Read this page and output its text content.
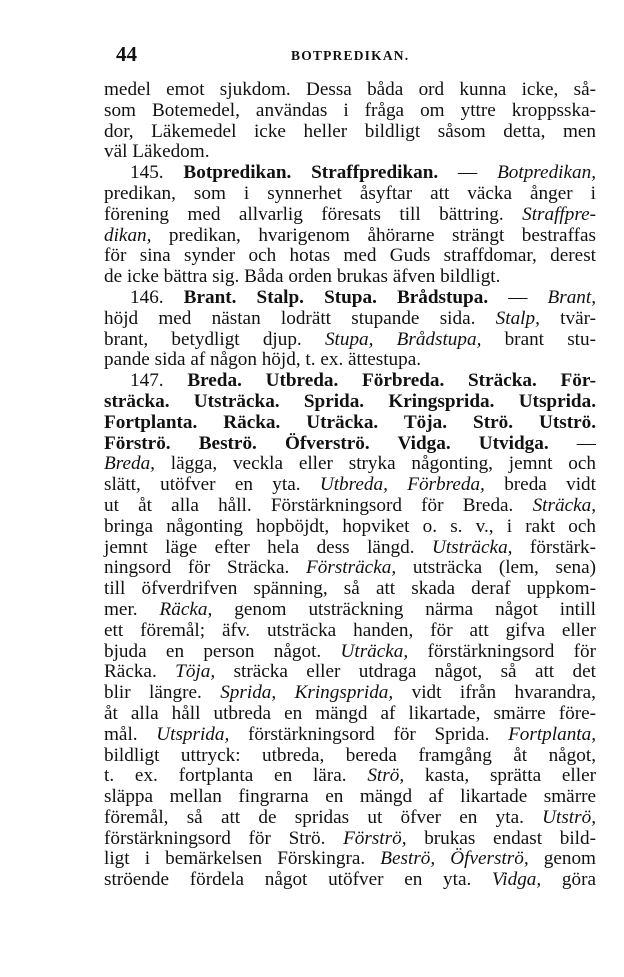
44	BOTPREDIKAN.
medel emot sjukdom. Dessa båda ord kunna icke, så-
som Botemedel, användas i fråga om yttre kroppsska-
dor, Läkemedel icke heller bildligt såsom detta, men
väl Läkedom.
145. Botpredikan. Straffpredikan. — Botpredikan,
predikan, som i synnerhet åsyftar att väcka ånger i
förening med allvarlig föresats till bättring. Straffpre-
dikan, predikan, hvarigenom åhörarne strängt bestraffas
för sina synder och hotas med Guds straffdomar, derest
de icke bättra sig. Båda orden brukas äfven bildligt.
146. Brant. Stalp. Stupa. Brådstupa. — Brant,
höjd med nästan lodrätt stupande sida. Stalp, tvär-
brant, betydligt djup. Stupa, Brådstupa, brant stu-
pande sida af någon höjd, t. ex. ättestupa.
147. Breda. Utbreda. Förbreda. Sträcka. För-
sträcka. Utsträcka. Sprida. Kringsprida. Utsprida.
Fortplanta. Räcka. Uträcka. Töja. Strö. Utströ.
Förströ. Beströ. Öfverströ. Vidga. Utvidga. —
Breda, lägga, veckla eller stryka någonting, jemnt och
slätt, utöfver en yta. Utbreda, Förbreda, breda vidt
ut åt alla håll. Förstärkningsord för Breda. Sträcka,
bringa någonting hopböjdt, hopviket o. s. v., i rakt och
jemnt läge efter hela dess längd. Utsträcka, förstärk-
ningsord för Sträcka. Försträcka, utsträcka (lem, sena)
till öfverdrifven spänning, så att skada deraf uppkom-
mer. Räcka, genom utsträckning närma något intill
ett föremål; äfv. utsträcka handen, för att gifva eller
bjuda en person något. Uträcka, förstärkningsord för
Räcka. Töja, sträcka eller utdraga något, så att det
blir längre. Sprida, Kringsprida, vidt ifrån hvarandra,
åt alla håll utbreda en mängd af likartade, smärre före-
mål. Utsprida, förstärkningsord för Sprida. Fortplanta,
bildligt uttryck: utbreda, bereda framgång åt något,
t. ex. fortplanta en lära. Strö, kasta, sprätta eller
släppa mellan fingrarna en mängd af likartade smärre
föremål, så att de spridas ut öfver en yta. Utströ,
förstärkningsord för Strö. Förströ, brukas endast bild-
ligt i bemärkelsen Förskingra. Beströ, Öfverströ, genom
ströende fördela något utöfver en yta. Vidga, göra
